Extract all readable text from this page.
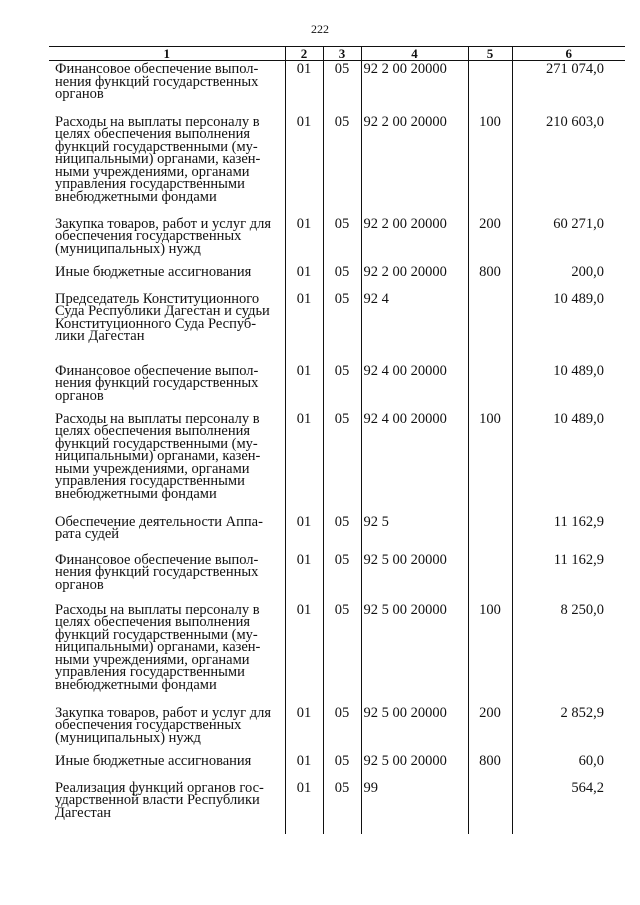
222
1	2	3	4	5	6
Финансовое обеспечение выпол-нения функций государственных органов	01	05	92 2 00 20000		271 074,0
Расходы на выплаты персоналу в целях обеспечения выполнения функций государственными (му-ниципальными) органами, казен-ными учреждениями, органами управления государственными внебюджетными фондами	01	05	92 2 00 20000	100	210 603,0
Закупка товаров, работ и услуг для обеспечения государственных (муниципальных) нужд	01	05	92 2 00 20000	200	60 271,0
Иные бюджетные ассигнования	01	05	92 2 00 20000	800	200,0
Председатель Конституционного Суда Республики Дагестан и судьи Конституционного Суда Респуб-лики Дагестан	01	05	92 4		10 489,0
Финансовое обеспечение выпол-нения функций государственных органов	01	05	92 4 00 20000		10 489,0
Расходы на выплаты персоналу в целях обеспечения выполнения функций государственными (му-ниципальными) органами, казен-ными учреждениями, органами управления государственными внебюджетными фондами	01	05	92 4 00 20000	100	10 489,0
Обеспечение деятельности Аппа-рата судей	01	05	92 5		11 162,9
Финансовое обеспечение выпол-нения функций государственных органов	01	05	92 5 00 20000		11 162,9
Расходы на выплаты персоналу в целях обеспечения выполнения функций государственными (му-ниципальными) органами, казен-ными учреждениями, органами управления государственными внебюджетными фондами	01	05	92 5 00 20000	100	8 250,0
Закупка товаров, работ и услуг для обеспечения государственных (муниципальных) нужд	01	05	92 5 00 20000	200	2 852,9
Иные бюджетные ассигнования	01	05	92 5 00 20000	800	60,0
Реализация функций органов гос-ударственной власти Республики Дагестан	01	05	99		564,2
